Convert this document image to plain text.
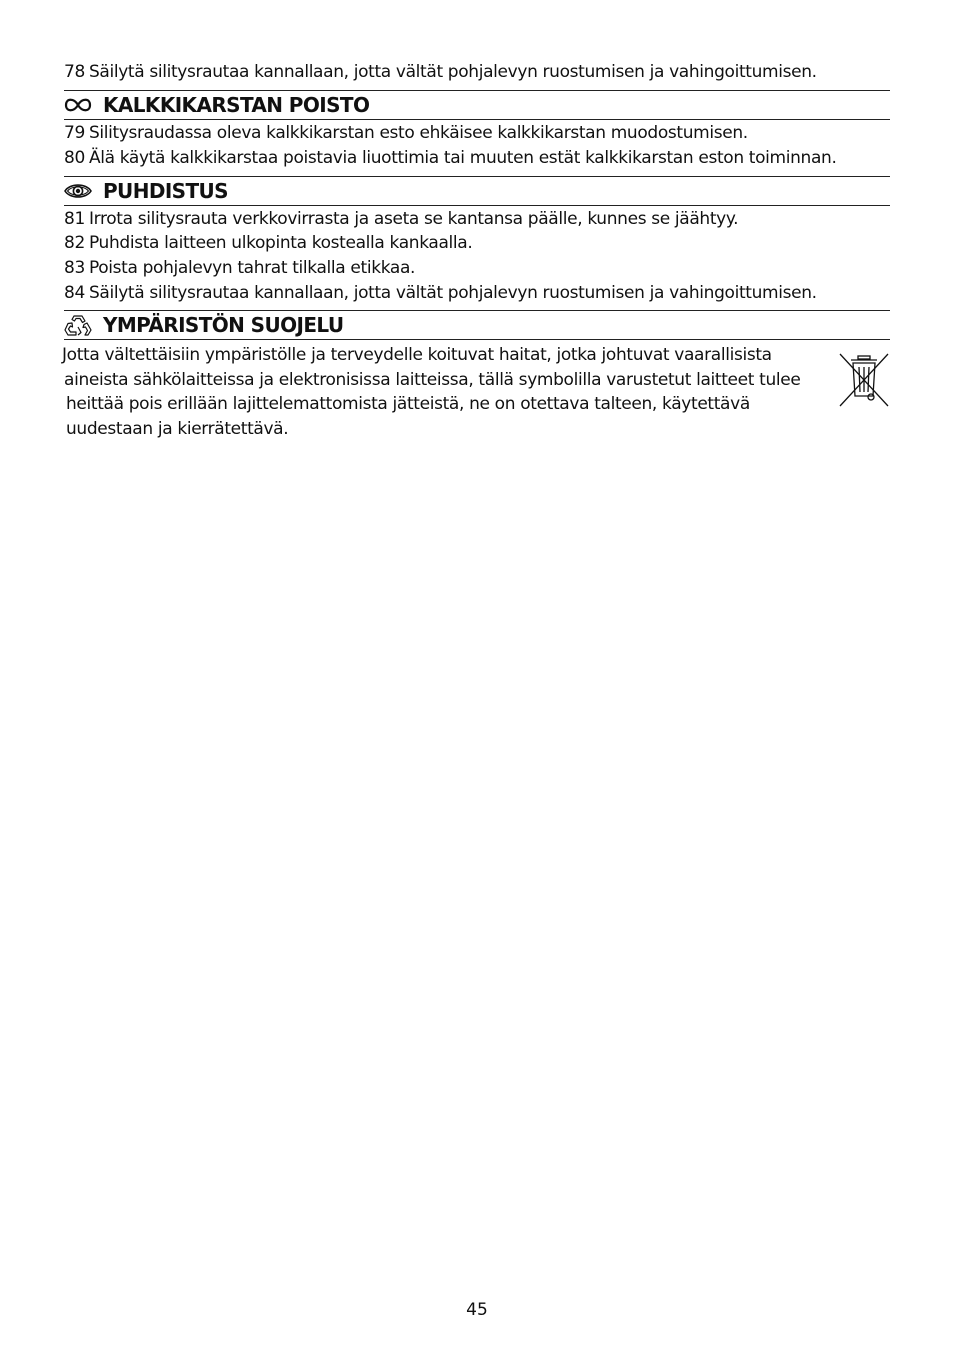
78 Säilytä silitysrautaa kannallaan, jotta vältät pohjalevyn ruostumisen ja vahingoittumisen.
KALKKIKARSTAN POISTO
79 Silitysraudassa oleva kalkkikarstan esto ehkäisee kalkkikarstan muodostumisen.
80 Älä käytä kalkkikarstaa poistavia liuottimia tai muuten estät kalkkikarstan eston toiminnan.
PUHDISTUS
81 Irrota silitysrauta verkkovirrasta ja aseta se kantansa päälle, kunnes se jäähtyy.
82 Puhdista laitteen ulkopinta kostealla kankaalla.
83 Poista pohjalevyn tahrat tilkalla etikkaa.
84 Säilytä silitysrautaa kannallaan, jotta vältät pohjalevyn ruostumisen ja vahingoittumisen.
YMPÄRISTÖN SUOJELU
Jotta vältettäisiin ympäristölle ja terveydelle koituvat haitat, jotka johtuvat vaarallisista
aineista sähkölaitteissa ja elektronisissa laitteissa, tällä symbolilla varustetut laitteet tulee
heittää pois erillään lajittelemattomista jätteistä, ne on otettava talteen, käytettävä
uudestaan ja kierrätettävä.
45
